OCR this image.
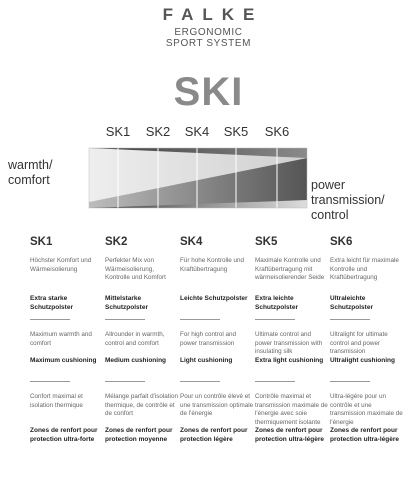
FALKE
ERGONOMIC
SPORT SYSTEM
SKI
SK1 SK2 SK4 SK5 SK6
warmth/
comfort	power
transmission/
control
SK1
Höchster Komfort und Wärmeisolierung
Extra starke Schutzpolster
Maximum warmth and comfort
Maximum cushioning
Confort maximal et isolation thermique
Zones de renfort pour protection ultra-forte
SK2
Perfekter Mix von Wärmeisolierung, Kontrolle und Komfort
Mittelstarke Schutzpolster
Allrounder in warmth, control and comfort
Medium cushioning
Mélange parfait d'isolation thermique, de contrôle et de confort
Zones de renfort pour protection moyenne
SK4
Für hohe Kontrolle und Kraftübertragung
Leichte Schutzpolster
For high control and power transmission
Light cushioning
Pour un contrôle élevé et une transmission optimale de l'énergie
Zones de renfort pour protection légère
SK5
Maximale Kontrolle und Kraftübertragung mit wärmeisolierender Seide
Extra leichte Schutzpolster
Ultimate control and power transmission with insulating silk
Extra light cushioning
Contrôle maximal et transmission maximale de l'énergie avec soie thermiquement isolante
Zones de renfort pour protection ultra-légère
SK6
Extra leicht für maximale Kontrolle und Kraftübertragung
Ultraleichte Schutzpolster
Ultralight for ultimate control and power transmission
Ultralight cushioning
Ultra-légère pour un contrôle et une transmission maximale de l'énergie
Zones de renfort pour protection ultra-légère
